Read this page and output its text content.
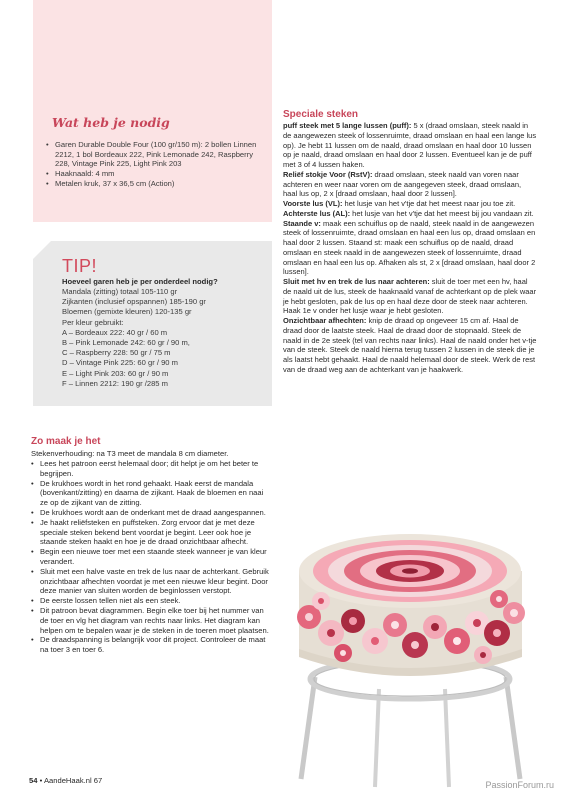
Wat heb je nodig
• Garen Durable Double Four (100 gr/150 m): 2 bollen Linnen 2212, 1 bol Bordeaux 222, Pink Lemonade 242, Raspberry 228, Vintage Pink 225, Light Pink 203
• Haaknaald: 4 mm
• Metalen kruk, 37 x 36,5 cm (Action)
TIP!
Hoeveel garen heb je per onderdeel nodig?
Mandala (zitting) totaal 105-110 gr
Zijkanten (inclusief opspannen) 185-190 gr
Bloemen (gemixte kleuren) 120-135 gr
Per kleur gebruikt:
A – Bordeaux 222: 40 gr / 60 m
B – Pink Lemonade 242: 60 gr / 90 m,
C – Raspberry 228: 50 gr / 75 m
D – Vintage Pink 225: 60 gr / 90 m
E – Light Pink 203: 60 gr / 90 m
F – Linnen 2212: 190 gr /285 m
Zo maak je het
Stekenverhouding: na T3 meet de mandala 8 cm diameter.
• Lees het patroon eerst helemaal door; dit helpt je om het beter te begrijpen.
• De krukhoes wordt in het rond gehaakt. Haak eerst de mandala (bovenkant/zitting) en daarna de zijkant. Haak de bloemen en naai ze op de zijkant van de zitting.
• De krukhoes wordt aan de onderkant met de draad aangespannen.
• Je haakt reliëfsteken en puffsteken. Zorg ervoor dat je met deze speciale steken bekend bent voordat je begint. Leer ook hoe je staande steken haakt en hoe je de draad onzichtbaar afhecht.
• Begin een nieuwe toer met een staande steek wanneer je van kleur verandert.
• Sluit met een halve vaste en trek de lus naar de achterkant. Gebruik onzichtbaar afhechten voordat je met een nieuwe kleur begint. Door deze manier van sluiten worden de beginlossen verstopt.
• De eerste lossen tellen niet als een steek.
• Dit patroon bevat diagrammen. Begin elke toer bij het nummer van de toer en vlg het diagram van rechts naar links. Het diagram kan helpen om te bepalen waar je de steken in de toeren moet plaatsen.
• De draadspanning is belangrijk voor dit project. Controleer de maat na toer 3 en toer 6.
Speciale steken

puff steek met 5 lange lussen (puff): 5 x (draad omslaan, steek naald in de aangewezen steek of lossenruimte, draad omslaan en haal een lange lus op). Je hebt 11 lussen om de naald, draad omslaan en haal door 10 lussen op je naald, draad omslaan en haal door 2 lussen. Eventueel kan je de puff met 3 of 4 lussen haken.

Reliëf stokje Voor (RstV): draad omslaan, steek naald van voren naar achteren en weer naar voren om de aangegeven steek, draad omslaan, haal lus op, 2 x [draad omslaan, haal door 2 lussen].

Voorste lus (VL): het lusje van het v'tje dat het meest naar jou toe zit.

Achterste lus (AL): het lusje van het v'tje dat het meest bij jou vandaan zit.

Staande v: maak een schuiflus op de naald, steek naald in de aangewezen steek of lossenruimte, draad omslaan en haal een lus op, draad omslaan en haal door 2 lussen. Staand st: maak een schuiflus op de naald, draad omslaan en steek naald in de aangewezen steek of lossenruimte, draad omslaan en haal een lus op. Afhaken als st, 2 x [draad omslaan, haal door 2 lussen].

Sluit met hv en trek de lus naar achteren: sluit de toer met een hv, haal de naald uit de lus, steek de haaknaald vanaf de achterkant op de plek waar je hebt gesloten, pak de lus op en haal deze door de steek naar achteren. Haak 1e v onder het lusje waar je hebt gesloten.

Onzichtbaar afhechten: knip de draad op ongeveer 15 cm af. Haal de draad door de laatste steek. Haal de draad door de stopnaald. Steek de naald in de 2e steek (tel van rechts naar links). Haal de naald onder het v-tje van de steek. Steek de naald hierna terug tussen 2 lussen in de steek die je als laatst hebt gehaakt. Haal de naald helemaal door de steek. Werk de rest van de draad weg aan de achterkant van je haakwerk.

54 • AandeHaak.nl 67	PassionForum.ru
